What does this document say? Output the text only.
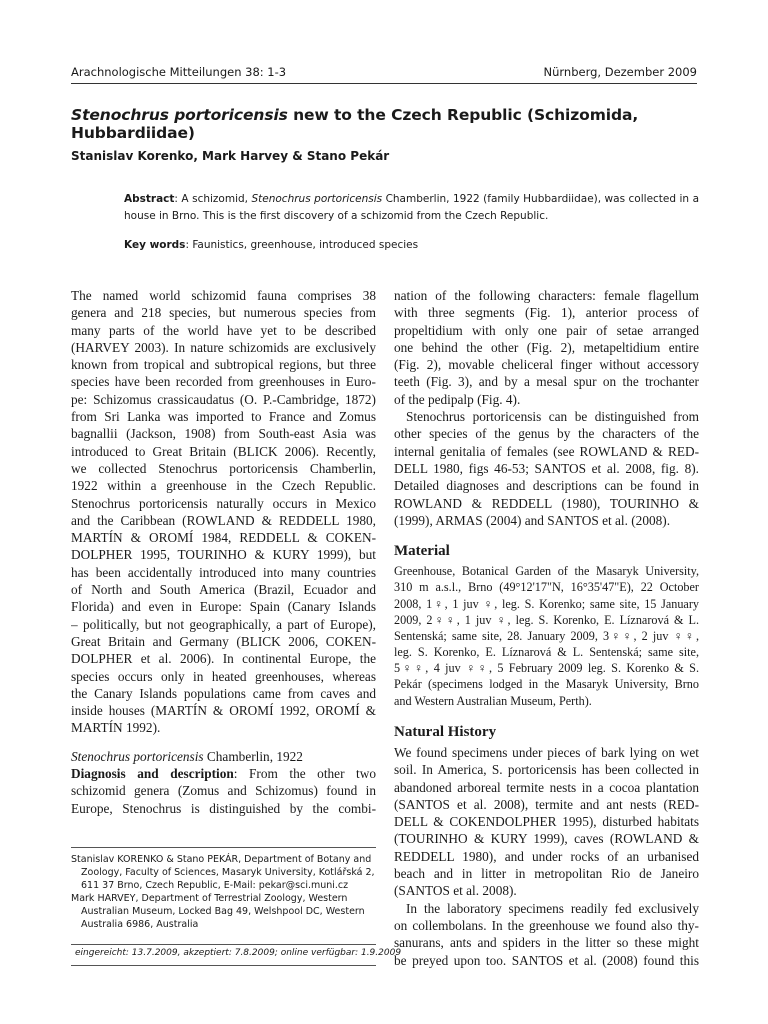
Arachnologische Mitteilungen 38: 1-3	Nürnberg, Dezember 2009
Stenochrus portoricensis new to the Czech Republic (Schizomida, Hubbardiidae)
Stanislav Korenko, Mark Harvey & Stano Pekár
Abstract: A schizomid, Stenochrus portoricensis Chamberlin, 1922 (family Hubbardiidae), was collected in a
house in Brno. This is the first discovery of a schizomid from the Czech Republic.
Key words: Faunistics, greenhouse, introduced species
The named world schizomid fauna comprises 38
genera and 218 species, but numerous species from
many parts of the world have yet to be described
(HARVEY 2003). In nature schizomids are exclusively
known from tropical and subtropical regions, but three
species have been recorded from greenhouses in Euro-
pe: Schizomus crassicaudatus (O. P.-Cambridge, 1872)
from Sri Lanka was imported to France and Zomus
bagnallii (Jackson, 1908) from South-east Asia was
introduced to Great Britain (BLICK 2006). Recently,
we collected Stenochrus portoricensis Chamberlin,
1922 within a greenhouse in the Czech Republic.
Stenochrus portoricensis naturally occurs in Mexico
and the Caribbean (ROWLAND & REDDELL 1980,
MARTÍN & OROMÍ 1984, REDDELL & COKEN-
DOLPHER 1995, TOURINHO & KURY 1999), but
has been accidentally introduced into many countries
of North and South America (Brazil, Ecuador and
Florida) and even in Europe: Spain (Canary Islands
– politically, but not geographically, a part of Europe),
Great Britain and Germany (BLICK 2006, COKEN-
DOLPHER et al. 2006). In continental Europe, the
species occurs only in heated greenhouses, whereas
the Canary Islands populations came from caves and
inside houses (MARTÍN & OROMÍ 1992, OROMÍ &
MARTÍN 1992).
Stenochrus portoricensis Chamberlin, 1922
Diagnosis and description: From the other two
schizomid genera (Zomus and Schizomus) found in
Europe, Stenochrus is distinguished by the combi-
nation of the following characters: female flagellum
with three segments (Fig. 1), anterior process of
propeltidium with only one pair of setae arranged
one behind the other (Fig. 2), metapeltidium entire
(Fig. 2), movable cheliceral finger without accessory
teeth (Fig. 3), and by a mesal spur on the trochanter
of the pedipalp (Fig. 4).
Stenochrus portoricensis can be distinguished from
other species of the genus by the characters of the
internal genitalia of females (see ROWLAND & RED-
DELL 1980, figs 46-53; SANTOS et al. 2008, fig. 8).
Detailed diagnoses and descriptions can be found in
ROWLAND & REDDELL (1980), TOURINHO &
(1999), ARMAS (2004) and SANTOS et al. (2008).
Material
Greenhouse, Botanical Garden of the Masaryk University,
310 m a.s.l., Brno (49°12'17"N, 16°35'47"E), 22 October
2008, 1♀, 1 juv ♀, leg. S. Korenko; same site, 15 January
2009, 2♀♀, 1 juv ♀, leg. S. Korenko, E. Líznarová & L.
Sentenská; same site, 28. January 2009, 3♀♀, 2 juv ♀♀,
leg. S. Korenko, E. Líznarová & L. Sentenská; same site,
5♀♀, 4 juv ♀♀, 5 February 2009 leg. S. Korenko & S.
Pekár (specimens lodged in the Masaryk University, Brno
and Western Australian Museum, Perth).
Natural History
We found specimens under pieces of bark lying on wet
soil. In America, S. portoricensis has been collected in
abandoned arboreal termite nests in a cocoa plantation
(SANTOS et al. 2008), termite and ant nests (RED-
DELL & COKENDOLPHER 1995), disturbed habitats
(TOURINHO & KURY 1999), caves (ROWLAND &
REDDELL 1980), and under rocks of an urbanised
beach and in litter in metropolitan Rio de Janeiro
(SANTOS et al. 2008).
In the laboratory specimens readily fed exclusively
on collembolans. In the greenhouse we found also thy-
sanurans, ants and spiders in the litter so these might
be preyed upon too. SANTOS et al. (2008) found this
Stanislav KORENKO & Stano PEKÁR, Department of Botany and
Zoology, Faculty of Sciences, Masaryk University, Kotlářská 2,
611 37 Brno, Czech Republic, E-Mail: pekar@sci.muni.cz
Mark HARVEY, Department of Terrestrial Zoology, Western
Australian Museum, Locked Bag 49, Welshpool DC, Western
Australia 6986, Australia
eingereicht: 13.7.2009, akzeptiert: 7.8.2009; online verfügbar: 1.9.2009
